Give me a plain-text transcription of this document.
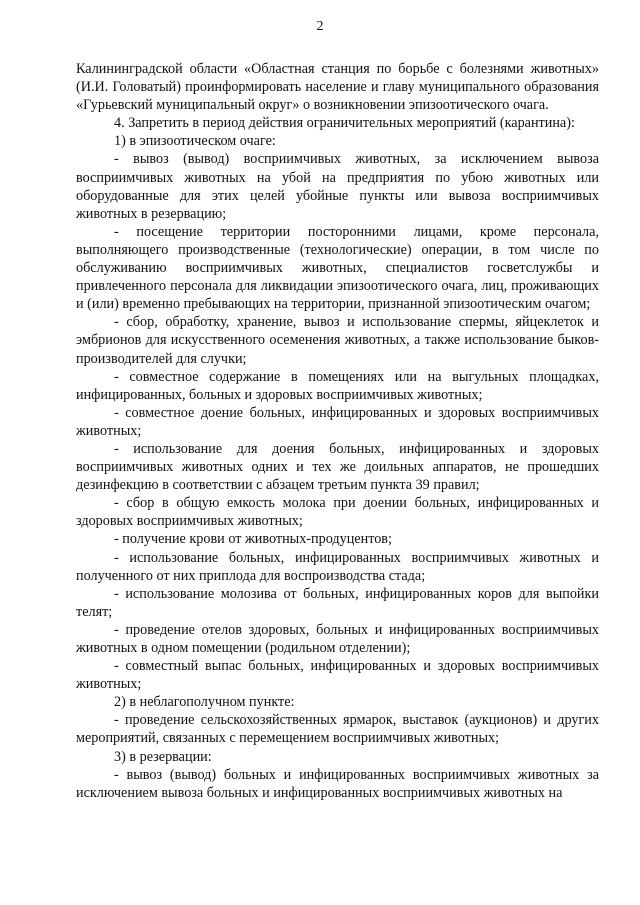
2

Калининградской области «Областная станция по борьбе с болезнями животных» (И.И. Головатый) проинформировать население и главу муниципального образования «Гурьевский муниципальный округ» о возникновении эпизоотического очага.

4. Запретить в период действия ограничительных мероприятий (карантина):

1) в эпизоотическом очаге:

- вывоз (вывод) восприимчивых животных, за исключением вывоза восприимчивых животных на убой на предприятия по убою животных или оборудованные для этих целей убойные пункты или вывоза восприимчивых животных в резервацию;

- посещение территории посторонними лицами, кроме персонала, выполняющего производственные (технологические) операции, в том числе по обслуживанию восприимчивых животных, специалистов госветслужбы и привлеченного персонала для ликвидации эпизоотического очага, лиц, проживающих и (или) временно пребывающих на территории, признанной эпизоотическим очагом;

- сбор, обработку, хранение, вывоз и использование спермы, яйцеклеток и эмбрионов для искусственного осеменения животных, а также использование быков-производителей для случки;

- совместное содержание в помещениях или на выгульных площадках, инфицированных, больных и здоровых восприимчивых животных;

- совместное доение больных, инфицированных и здоровых восприимчивых животных;

- использование для доения больных, инфицированных и здоровых восприимчивых животных одних и тех же доильных аппаратов, не прошедших дезинфекцию в соответствии с абзацем третьим пункта 39 правил;

- сбор в общую емкость молока при доении больных, инфицированных и здоровых восприимчивых животных;

- получение крови от животных-продуцентов;

- использование больных, инфицированных восприимчивых животных и полученного от них приплода для воспроизводства стада;

- использование молозива от больных, инфицированных коров для выпойки телят;

- проведение отелов здоровых, больных и инфицированных восприимчивых животных в одном помещении (родильном отделении);

- совместный выпас больных, инфицированных и здоровых восприимчивых животных;

2) в неблагополучном пункте:

- проведение сельскохозяйственных ярмарок, выставок (аукционов) и других мероприятий, связанных с перемещением восприимчивых животных;

3) в резервации:

- вывоз (вывод) больных и инфицированных восприимчивых животных за исключением вывоза больных и инфицированных восприимчивых животных на
